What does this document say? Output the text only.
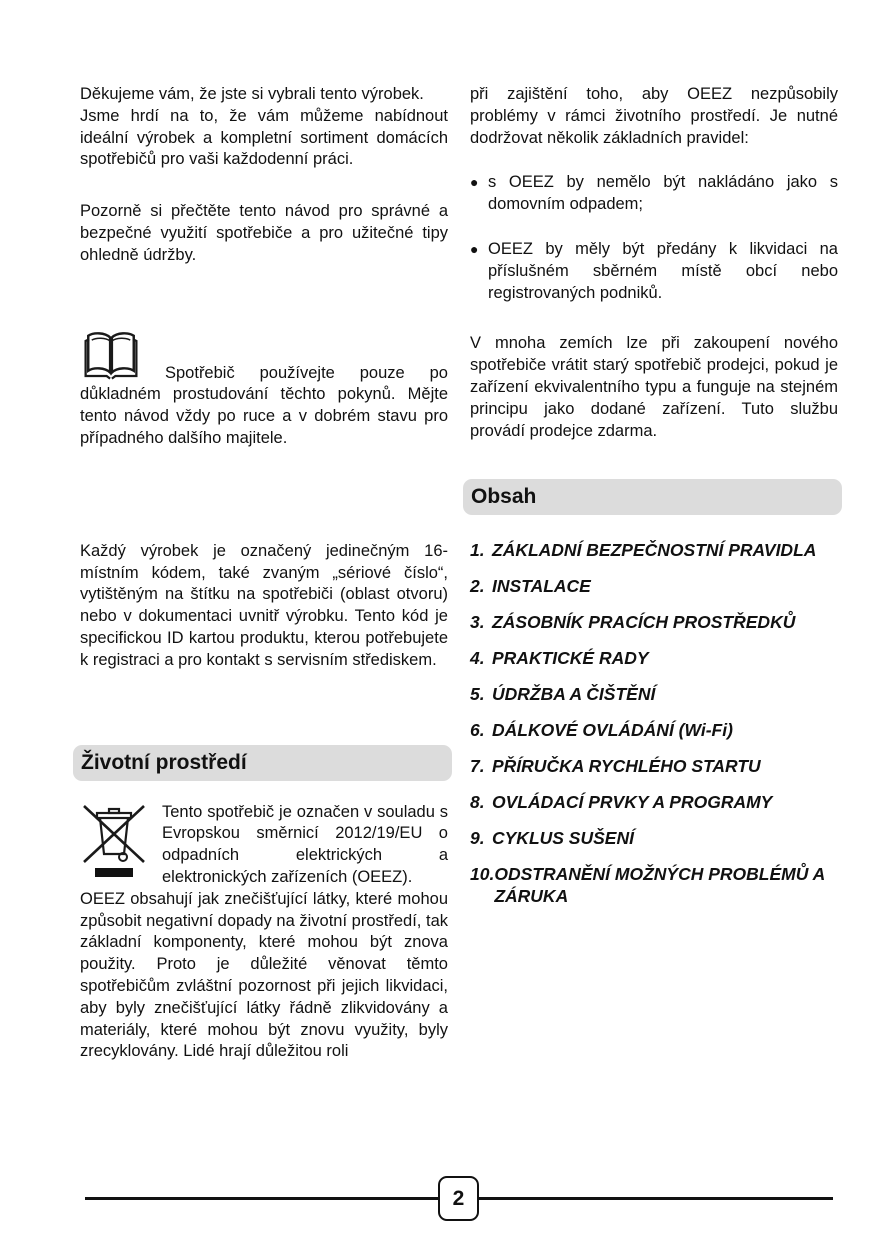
Děkujeme vám, že jste si vybrali tento výrobek.

Jsme hrdí na to, že vám můžeme nabídnout ideální výrobek a kompletní sortiment domácích spotřebičů pro vaši každodenní práci.

Pozorně si přečtěte tento návod pro správné a bezpečné využití spotřebiče a pro užitečné tipy ohledně údržby.

Spotřebič používejte pouze po důkladném prostudování těchto pokynů. Mějte tento návod vždy po ruce a v dobrém stavu pro případného dalšího majitele.

Každý výrobek je označený jedinečným 16-místním kódem, také zvaným „sériové číslo“, vytištěným na štítku na spotřebiči (oblast otvoru) nebo v dokumentaci uvnitř výrobku. Tento kód je specifickou ID kartou produktu, kterou potřebujete k registraci a pro kontakt s servisním střediskem.

Životní prostředí

Tento spotřebič je označen v souladu s Evropskou směrnicí 2012/19/EU o odpadních elektrických a elektronických zařízeních (OEEZ).

OEEZ obsahují jak znečišťující látky, které mohou způsobit negativní dopady na životní prostředí, tak základní komponenty, které mohou být znova použity. Proto je důležité věnovat těmto spotřebičům zvláštní pozornost při jejich likvidaci, aby byly znečišťující látky řádně zlikvidovány a materiály, které mohou být znovu využity, byly zrecyklovány. Lidé hrají důležitou roli

při zajištění toho, aby OEEZ nezpůsobily problémy v rámci životního prostředí. Je nutné dodržovat několik základních pravidel:

● s OEEZ by nemělo být nakládáno jako s domovním odpadem;
● OEEZ by měly být předány k likvidaci na příslušném sběrném místě obcí nebo registrovaných podniků.

V mnoha zemích lze při zakoupení nového spotřebiče vrátit starý spotřebič prodejci, pokud je zařízení ekvivalentního typu a funguje na stejném principu jako dodané zařízení. Tuto službu provádí prodejce zdarma.

Obsah
1. ZÁKLADNÍ BEZPEČNOSTNÍ PRAVIDLA
2. INSTALACE
3. ZÁSOBNÍK PRACÍCH PROSTŘEDKŮ
4. PRAKTICKÉ RADY
5. ÚDRŽBA A ČIŠTĚNÍ
6. DÁLKOVÉ OVLÁDÁNÍ (Wi-Fi)
7. PŘÍRUČKA RYCHLÉHO STARTU
8. OVLÁDACÍ PRVKY A PROGRAMY
9. CYKLUS SUŠENÍ
10. ODSTRANĚNÍ MOŽNÝCH PROBLÉMŮ A ZÁRUKA
2
